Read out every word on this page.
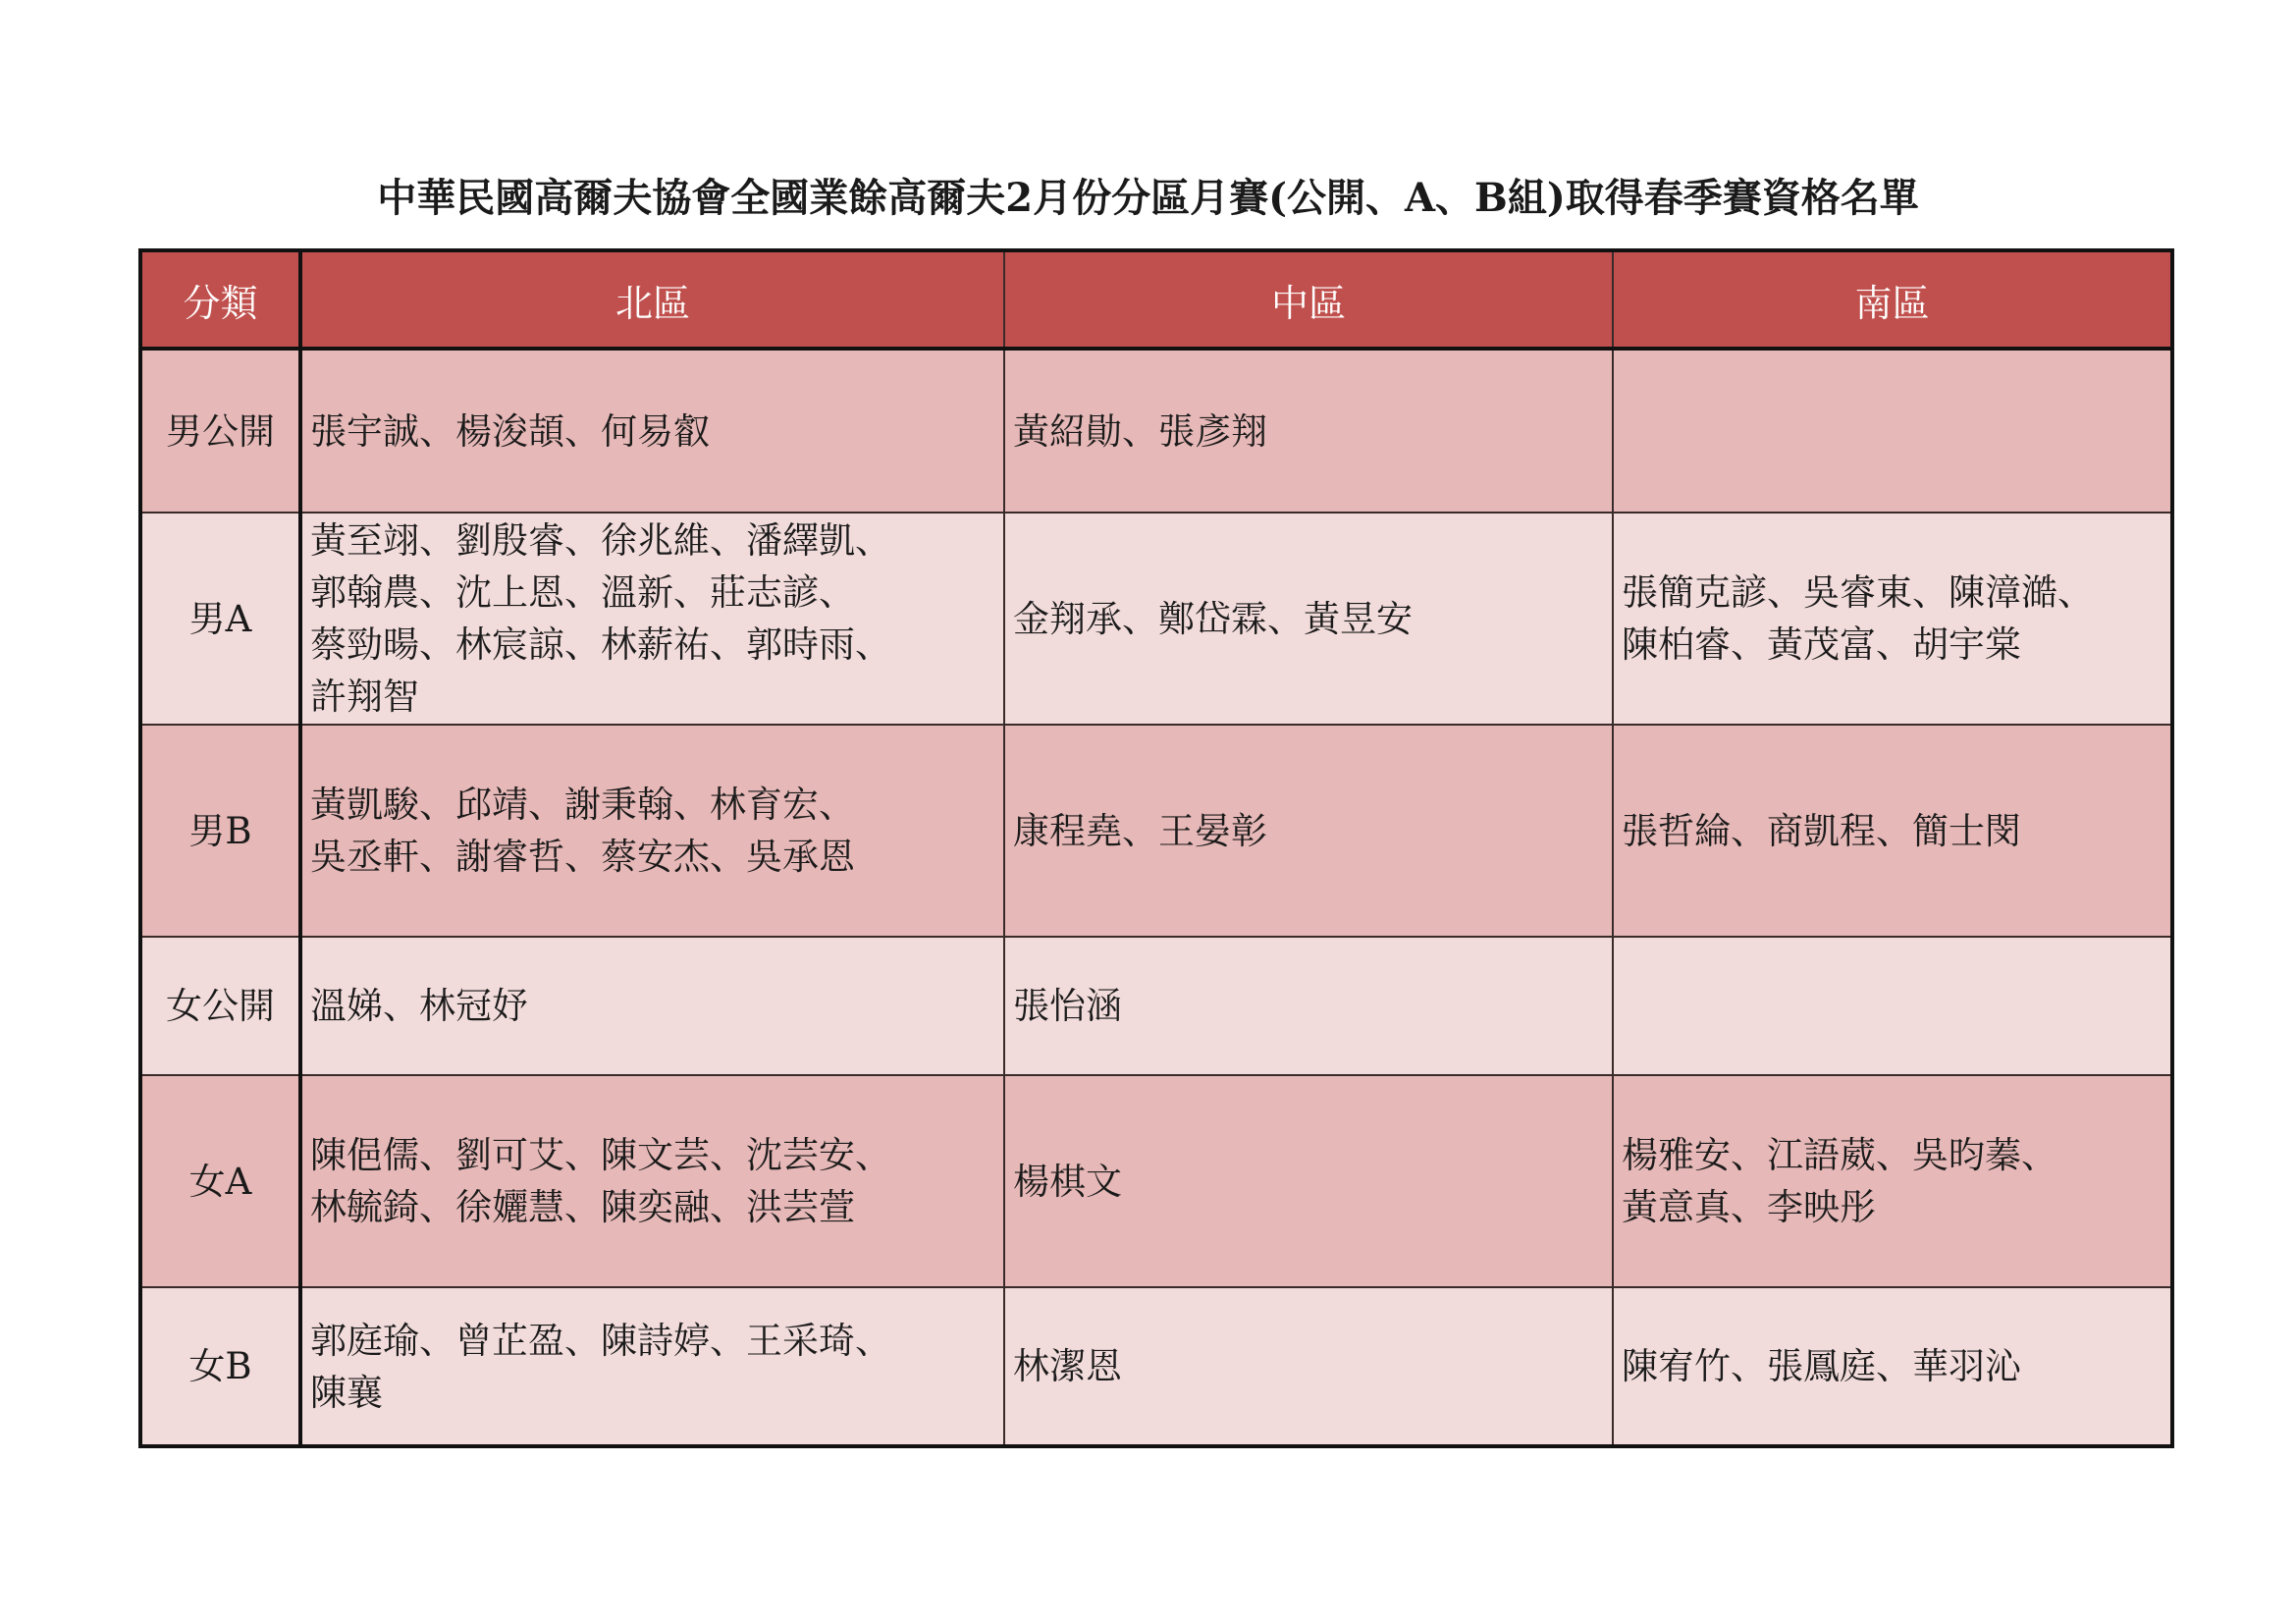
中華民國高爾夫協會全國業餘高爾夫2月份分區月賽(公開、A、B組)取得春季賽資格名單
分類	北區	中區	南區
男公開	張宇誠、楊浚頡、何易叡	黃紹勛、張彥翔	

男A	黃至翊、劉殷睿、徐兆維、潘繹凱、
郭翰農、沈上恩、溫新、莊志諺、
蔡勁暘、林宸諒、林薪祐、郭時雨、
許翔智	金翔承、鄭岱霖、黃昱安	張簡克諺、吳睿東、陳漳澔、
陳柏睿、黃茂富、胡宇棠

男B	黃凱駿、邱靖、謝秉翰、林育宏、
吳丞軒、謝睿哲、蔡安杰、吳承恩	康程堯、王晏彰	張哲綸、商凱程、簡士閔

女公開	溫娣、林冠妤	張怡涵	

女A	陳俋儒、劉可艾、陳文芸、沈芸安、
林毓錡、徐孋慧、陳奕融、洪芸萱	楊棋文	楊雅安、江語葳、吳昀蓁、
黃意真、李映彤

女B	郭庭瑜、曾芷盈、陳詩婷、王采琦、
陳襄	林潔恩	陳宥竹、張鳳庭、華羽沁
